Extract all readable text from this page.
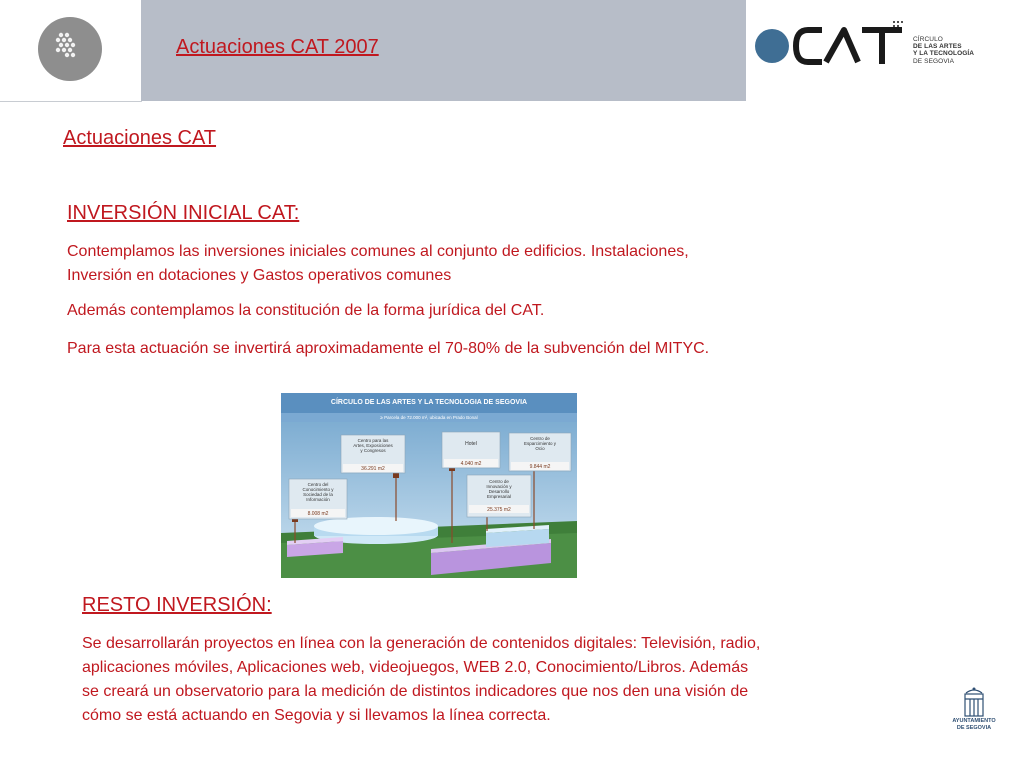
Actuaciones CAT 2007	CÍRCULO
DE LAS ARTES
Y LA TECNOLOGÍA
DE SEGOVIA
Actuaciones CAT
INVERSIÓN INICIAL CAT:
Contemplamos las inversiones iniciales comunes al conjunto de edificios. Instalaciones,
Inversión en dotaciones y Gastos operativos comunes
Además contemplamos la constitución de la forma jurídica del CAT.
Para esta actuación se invertirá aproximadamente el 70-80% de la subvención del MITYC.
CÍRCULO DE LAS ARTES Y LA TECNOLOGIA DE SEGOVIA
≥ Parcela de 72.000 m², ubicada en Prado Bonal
Centro para las
Artes, Exposiciones
y Congresos
36.291 m2
Hotel
4.040 m2
Centro de
Esparcimiento y
Ocio
9.844 m2
Centro del
Conocimiento y
Sociedad de la
Información
8.008 m2
Centro de
Innovación y
Desarrollo
Empresarial
25.375 m2
RESTO INVERSIÓN:
Se desarrollarán proyectos en línea con la generación de contenidos digitales: Televisión, radio,
aplicaciones móviles, Aplicaciones web, videojuegos, WEB 2.0, Conocimiento/Libros. Además
se creará un observatorio para la medición de distintos indicadores que nos den una visión de
cómo se está actuando en Segovia y si llevamos la línea correcta.	AYUNTAMIENTO
DE SEGOVIA
